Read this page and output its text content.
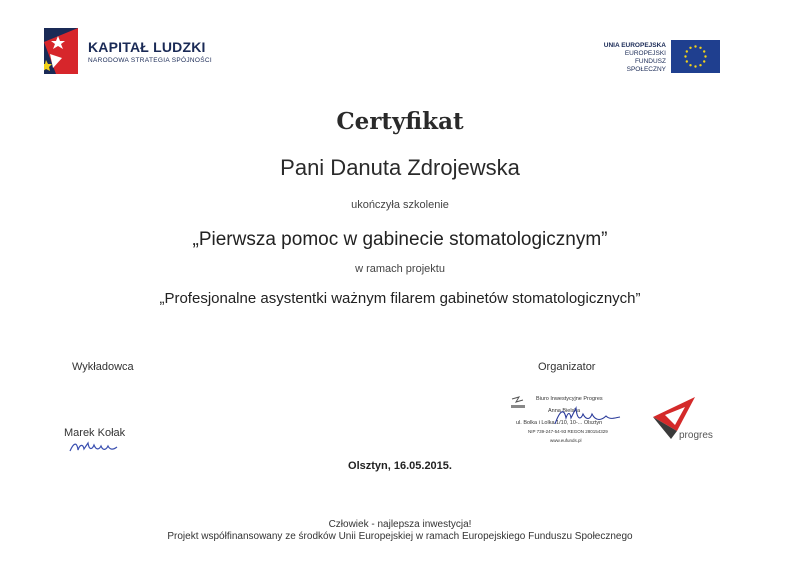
KAPITAŁ LUDZKI
NARODOWA STRATEGIA SPÓJNOŚCI
UNIA EUROPEJSKA
EUROPEJSKI
FUNDUSZ SPOŁECZNY
Certyfikat
Pani Danuta Zdrojewska
ukończyła szkolenie
„Pierwsza pomoc w gabinecie stomatologicznym”
w ramach projektu
„Profesjonalne asystentki ważnym filarem gabinetów stomatologicznych”
Wykładowca
Marek Kołak
Organizator
Biuro Inwestycyjne Progres
Anna Bielska
ul. Bolka i Lolka 1/10, 10-... Olsztyn
NIP 739-247-54-93 REGON 280154329
www.eufunds.pl	progres
Olsztyn, 16.05.2015.
Człowiek - najlepsza inwestycja!
Projekt współfinansowany ze środków Unii Europejskiej w ramach Europejskiego Funduszu Społecznego
